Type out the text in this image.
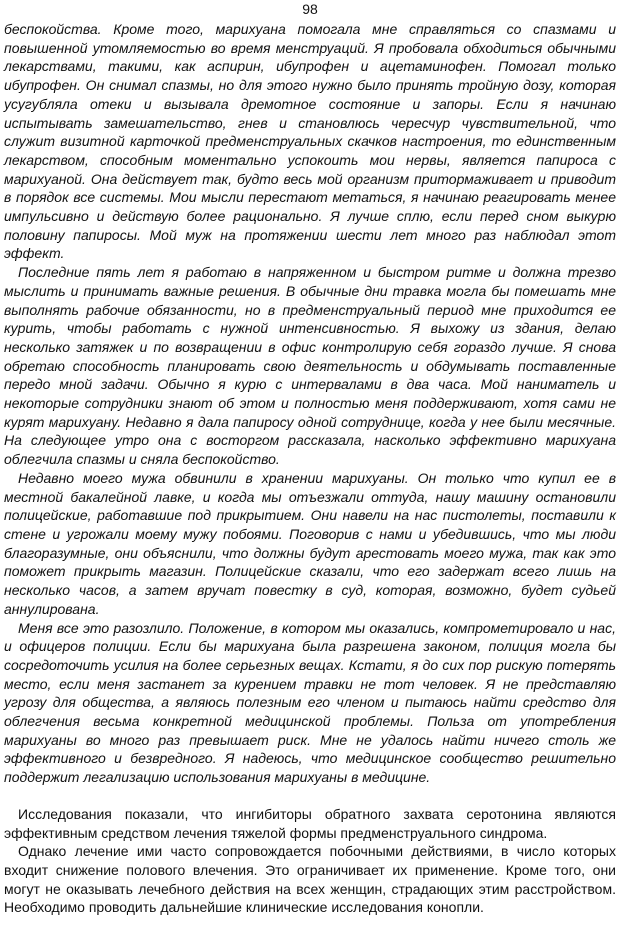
98

беспокойства. Кроме того, марихуана помогала мне справляться со спазмами и повышенной утомляемостью во время менструаций. Я пробовала обходиться обычными лекарствами, такими, как аспирин, ибупрофен и ацетаминофен. Помогал только ибупрофен. Он снимал спазмы, но для этого нужно было принять тройную дозу, которая усугубляла отеки и вызывала дремотное состояние и запоры. Если я начинаю испытывать замешательство, гнев и становлюсь чересчур чувствительной, что служит визитной карточкой предменструальных скачков настроения, то единственным лекарством, способным моментально успокоить мои нервы, является папироса с марихуаной. Она действует так, будто весь мой организм притормаживает и приводит в порядок все системы. Мои мысли перестают метаться, я начинаю реагировать менее импульсивно и действую более рационально. Я лучше сплю, если перед сном выкурю половину папиросы. Мой муж на протяжении шести лет много раз наблюдал этот эффект.

Последние пять лет я работаю в напряженном и быстром ритме и должна трезво мыслить и принимать важные решения. В обычные дни травка могла бы помешать мне выполнять рабочие обязанности, но в предменструальный период мне приходится ее курить, чтобы работать с нужной интенсивностью. Я выхожу из здания, делаю несколько затяжек и по возвращении в офис контролирую себя гораздо лучше. Я снова обретаю способность планировать свою деятельность и обдумывать поставленные передо мной задачи. Обычно я курю с интервалами в два часа. Мой наниматель и некоторые сотрудники знают об этом и полностью меня поддерживают, хотя сами не курят марихуану. Недавно я дала папиросу одной сотруднице, когда у нее были месячные. На следующее утро она с восторгом рассказала, насколько эффективно марихуана облегчила спазмы и сняла беспокойство.

Недавно моего мужа обвинили в хранении марихуаны. Он только что купил ее в местной бакалейной лавке, и когда мы отъезжали оттуда, нашу машину остановили полицейские, работавшие под прикрытием. Они навели на нас пистолеты, поставили к стене и угрожали моему мужу побоями. Поговорив с нами и убедившись, что мы люди благоразумные, они объяснили, что должны будут арестовать моего мужа, так как это поможет прикрыть магазин. Полицейские сказали, что его задержат всего лишь на несколько часов, а затем вручат повестку в суд, которая, возможно, будет судьей аннулирована.

Меня все это разозлило. Положение, в котором мы оказались, компрометировало и нас, и офицеров полиции. Если бы марихуана была разрешена законом, полиция могла бы сосредоточить усилия на более серьезных вещах. Кстати, я до сих пор рискую потерять место, если меня застанет за курением травки не тот человек. Я не представляю угрозу для общества, а являюсь полезным его членом и пытаюсь найти средство для облегчения весьма конкретной медицинской проблемы. Польза от употребления марихуаны во много раз превышает риск. Мне не удалось найти ничего столь же эффективного и безвредного. Я надеюсь, что медицинское сообщество решительно поддержит легализацию использования марихуаны в медицине.

Исследования показали, что ингибиторы обратного захвата серотонина являются эффективным средством лечения тяжелой формы предменструального синдрома.

Однако лечение ими часто сопровождается побочными действиями, в число которых входит снижение полового влечения. Это ограничивает их применение. Кроме того, они могут не оказывать лечебного действия на всех женщин, страдающих этим расстройством. Необходимо проводить дальнейшие клинические исследования конопли.
